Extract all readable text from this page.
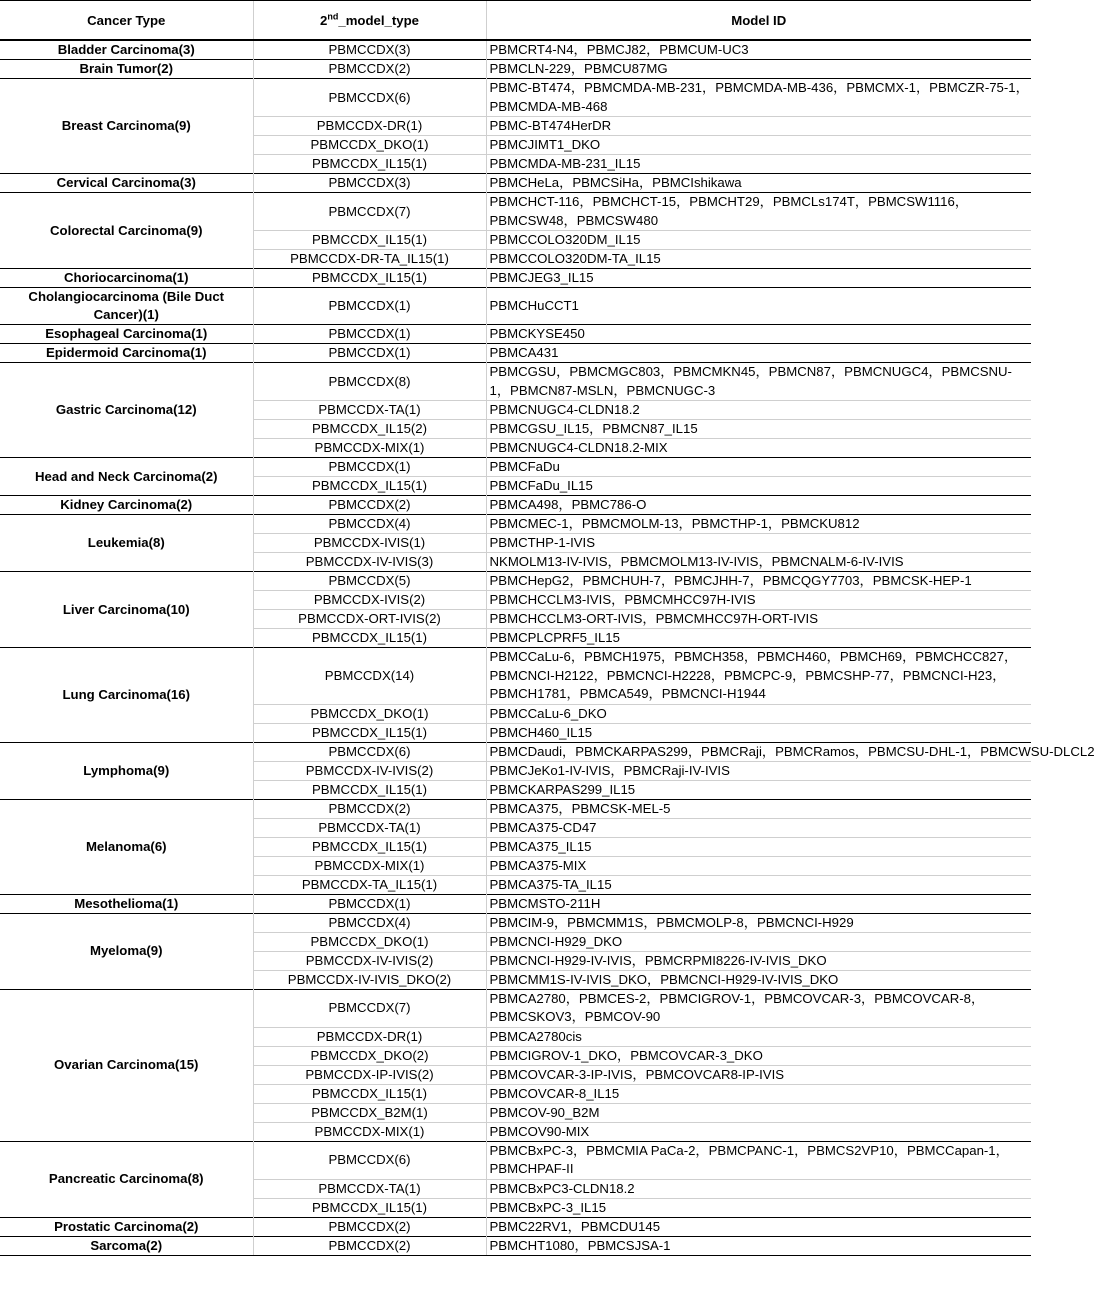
Cancer Type	2nd_model_type	Model ID
Bladder Carcinoma(3)	PBMCCDX(3)	PBMCRT4-N4，PBMCJ82，PBMCUM-UC3
Brain Tumor(2)	PBMCCDX(2)	PBMCLN-229，PBMCU87MG
Breast Carcinoma(9)	PBMCCDX(6)	PBMC-BT474，PBMCMDA-MB-231，PBMCMDA-MB-436，PBMCMX-1，PBMCZR-75-1，PBMCMDA-MB-468
	PBMCCDX-DR(1)	PBMC-BT474HerDR
	PBMCCDX_DKO(1)	PBMCJIMT1_DKO
	PBMCCDX_IL15(1)	PBMCMDA-MB-231_IL15
Cervical Carcinoma(3)	PBMCCDX(3)	PBMCHeLa，PBMCSiHa，PBMCIshikawa
Colorectal Carcinoma(9)	PBMCCDX(7)	PBMCHCT-116，PBMCHCT-15，PBMCHT29，PBMCLs174T，PBMCSW1116，PBMCSW48，PBMCSW480
	PBMCCDX_IL15(1)	PBMCCOLO320DM_IL15
	PBMCCDX-DR-TA_IL15(1)	PBMCCOLO320DM-TA_IL15
Choriocarcinoma(1)	PBMCCDX_IL15(1)	PBMCJEG3_IL15
Cholangiocarcinoma (Bile Duct Cancer)(1)	PBMCCDX(1)	PBMCHuCCT1
Esophageal Carcinoma(1)	PBMCCDX(1)	PBMCKYSE450
Epidermoid Carcinoma(1)	PBMCCDX(1)	PBMCA431
Gastric Carcinoma(12)	PBMCCDX(8)	PBMCGSU，PBMCMGC803，PBMCMKN45，PBMCN87，PBMCNUGC4，PBMCSNU-1，PBMCN87-MSLN，PBMCNUGC-3
	PBMCCDX-TA(1)	PBMCNUGC4-CLDN18.2
	PBMCCDX_IL15(2)	PBMCGSU_IL15，PBMCN87_IL15
	PBMCCDX-MIX(1)	PBMCNUGC4-CLDN18.2-MIX
Head and Neck Carcinoma(2)	PBMCCDX(1)	PBMCFaDu
	PBMCCDX_IL15(1)	PBMCFaDu_IL15
Kidney Carcinoma(2)	PBMCCDX(2)	PBMCA498，PBMC786-O
Leukemia(8)	PBMCCDX(4)	PBMCMEC-1，PBMCMOLM-13，PBMCTHP-1，PBMCKU812
	PBMCCDX-IVIS(1)	PBMCTHP-1-IVIS
	PBMCCDX-IV-IVIS(3)	NKMOLM13-IV-IVIS，PBMCMOLM13-IV-IVIS，PBMCNALM-6-IV-IVIS
Liver Carcinoma(10)	PBMCCDX(5)	PBMCHepG2，PBMCHUH-7，PBMCJHH-7，PBMCQGY7703，PBMCSK-HEP-1
	PBMCCDX-IVIS(2)	PBMCHCCLM3-IVIS，PBMCMHCC97H-IVIS
	PBMCCDX-ORT-IVIS(2)	PBMCHCCLM3-ORT-IVIS，PBMCMHCC97H-ORT-IVIS
	PBMCCDX_IL15(1)	PBMCPLCPRF5_IL15
Lung Carcinoma(16)	PBMCCDX(14)	PBMCCaLu-6，PBMCH1975，PBMCH358，PBMCH460，PBMCH69，PBMCHCC827，PBMCNCI-H2122，PBMCNCI-H2228，PBMCPC-9，PBMCSHP-77，PBMCNCI-H23，PBMCH1781，PBMCA549，PBMCNCI-H1944
	PBMCCDX_DKO(1)	PBMCCaLu-6_DKO
	PBMCCDX_IL15(1)	PBMCH460_IL15
Lymphoma(9)	PBMCCDX(6)	PBMCDaudi，PBMCKARPAS299，PBMCRaji，PBMCRamos，PBMCSU-DHL-1，PBMCWSU-DLCL2
	PBMCCDX-IV-IVIS(2)	PBMCJeKo1-IV-IVIS，PBMCRaji-IV-IVIS
	PBMCCDX_IL15(1)	PBMCKARPAS299_IL15
Melanoma(6)	PBMCCDX(2)	PBMCA375，PBMCSK-MEL-5
	PBMCCDX-TA(1)	PBMCA375-CD47
	PBMCCDX_IL15(1)	PBMCA375_IL15
	PBMCCDX-MIX(1)	PBMCA375-MIX
	PBMCCDX-TA_IL15(1)	PBMCA375-TA_IL15
Mesothelioma(1)	PBMCCDX(1)	PBMCMSTO-211H
Myeloma(9)	PBMCCDX(4)	PBMCIM-9，PBMCMM1S，PBMCMOLP-8，PBMCNCI-H929
	PBMCCDX_DKO(1)	PBMCNCI-H929_DKO
	PBMCCDX-IV-IVIS(2)	PBMCNCI-H929-IV-IVIS，PBMCRPMI8226-IV-IVIS_DKO
	PBMCCDX-IV-IVIS_DKO(2)	PBMCMM1S-IV-IVIS_DKO，PBMCNCI-H929-IV-IVIS_DKO
Ovarian Carcinoma(15)	PBMCCDX(7)	PBMCA2780，PBMCES-2，PBMCIGROV-1，PBMCOVCAR-3，PBMCOVCAR-8，PBMCSKOV3，PBMCOV-90
	PBMCCDX-DR(1)	PBMCA2780cis
	PBMCCDX_DKO(2)	PBMCIGROV-1_DKO，PBMCOVCAR-3_DKO
	PBMCCDX-IP-IVIS(2)	PBMCOVCAR-3-IP-IVIS，PBMCOVCAR8-IP-IVIS
	PBMCCDX_IL15(1)	PBMCOVCAR-8_IL15
	PBMCCDX_B2M(1)	PBMCOV-90_B2M
	PBMCCDX-MIX(1)	PBMCOV90-MIX
Pancreatic Carcinoma(8)	PBMCCDX(6)	PBMCBxPC-3，PBMCMIA PaCa-2，PBMCPANC-1，PBMCS2VP10，PBMCCapan-1，PBMCHPAF-II
	PBMCCDX-TA(1)	PBMCBxPC3-CLDN18.2
	PBMCCDX_IL15(1)	PBMCBxPC-3_IL15
Prostatic Carcinoma(2)	PBMCCDX(2)	PBMC22RV1，PBMCDU145
Sarcoma(2)	PBMCCDX(2)	PBMCHT1080，PBMCSJSA-1
